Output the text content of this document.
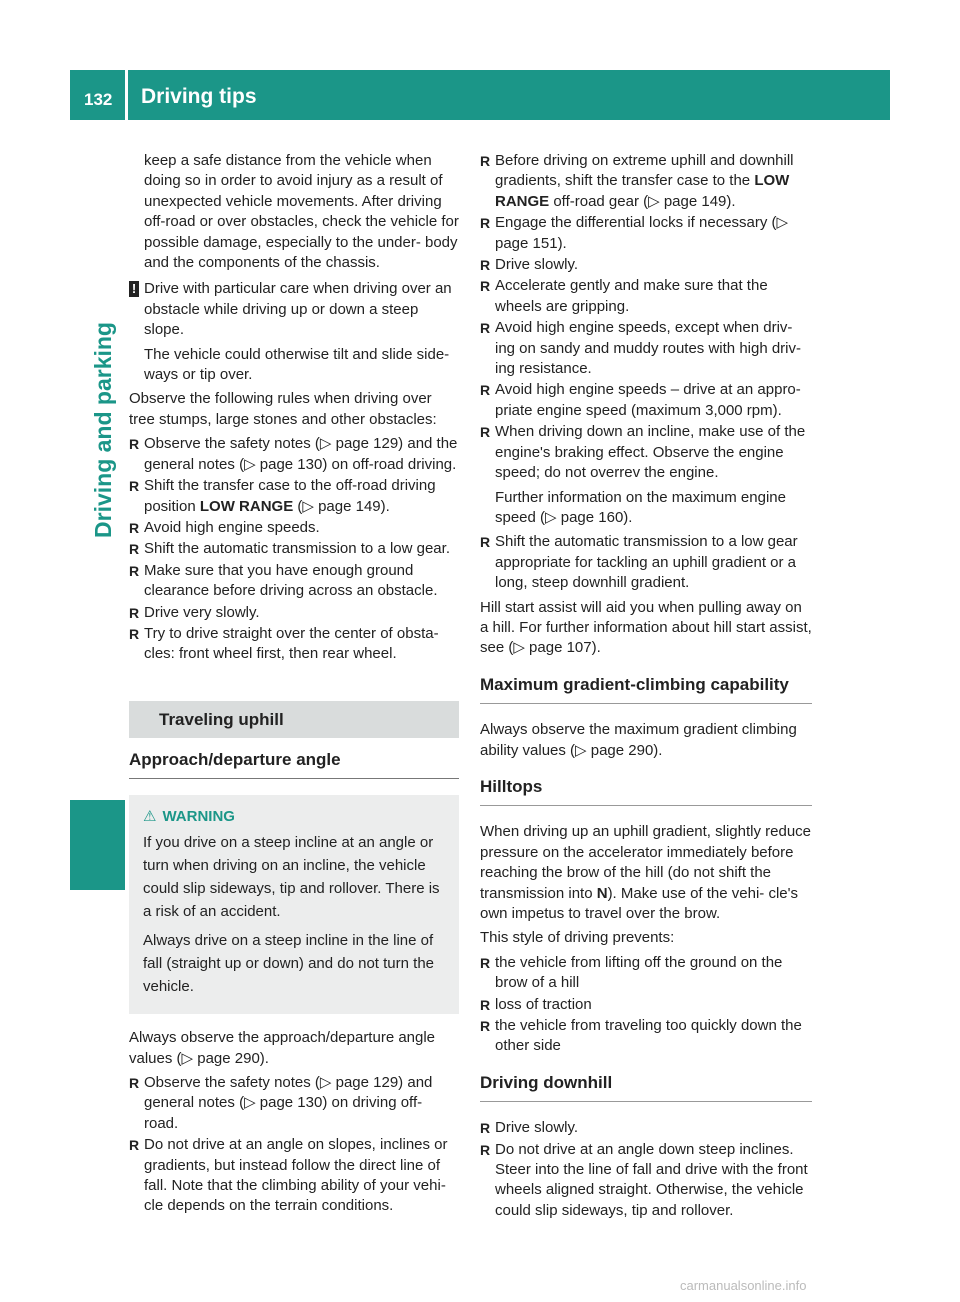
132 Driving tips
Driving and parking

keep a safe distance from the vehicle when doing so in order to avoid injury as a result of unexpected vehicle movements. After driving off-road or over obstacles, check the vehicle for possible damage, especially to the under- body and the components of the chassis.

! Drive with particular care when driving over an obstacle while driving up or down a steep slope.

The vehicle could otherwise tilt and slide side- ways or tip over.

Observe the following rules when driving over tree stumps, large stones and other obstacles:

R Observe the safety notes (▷ page 129) and the general notes (▷ page 130) on off-road driving.
R Shift the transfer case to the off-road driving position LOW RANGE (▷ page 149).
R Avoid high engine speeds.
R Shift the automatic transmission to a low gear.
R Make sure that you have enough ground clearance before driving across an obstacle.
R Drive very slowly.
R Try to drive straight over the center of obsta- cles: front wheel first, then rear wheel.
Traveling uphill
Approach/departure angle
⚠ WARNING

If you drive on a steep incline at an angle or turn when driving on an incline, the vehicle could slip sideways, tip and rollover. There is a risk of an accident.

Always drive on a steep incline in the line of fall (straight up or down) and do not turn the vehicle.

Always observe the approach/departure angle values (▷ page 290).

R Observe the safety notes (▷ page 129) and general notes (▷ page 130) on driving off- road.
R Do not drive at an angle on slopes, inclines or gradients, but instead follow the direct line of fall. Note that the climbing ability of your vehi- cle depends on the terrain conditions.
R Before driving on extreme uphill and downhill gradients, shift the transfer case to the LOW RANGE off-road gear (▷ page 149).
R Engage the differential locks if necessary (▷ page 151).
R Drive slowly.
R Accelerate gently and make sure that the wheels are gripping.
R Avoid high engine speeds, except when driv- ing on sandy and muddy routes with high driv- ing resistance.
R Avoid high engine speeds – drive at an appro- priate engine speed (maximum 3,000 rpm).
R When driving down an incline, make use of the engine's braking effect. Observe the engine speed; do not overrev the engine.

Further information on the maximum engine speed (▷ page 160).

R Shift the automatic transmission to a low gear appropriate for tackling an uphill gradient or a long, steep downhill gradient.

Hill start assist will aid you when pulling away on a hill. For further information about hill start assist, see (▷ page 107).

Maximum gradient-climbing capability

Always observe the maximum gradient climbing ability values (▷ page 290).

Hilltops

When driving up an uphill gradient, slightly reduce pressure on the accelerator immediately before reaching the brow of the hill (do not shift the transmission into N). Make use of the vehi- cle's own impetus to travel over the brow.

This style of driving prevents:

R the vehicle from lifting off the ground on the brow of a hill
R loss of traction
R the vehicle from traveling too quickly down the other side
Driving downhill
R Drive slowly.
R Do not drive at an angle down steep inclines. Steer into the line of fall and drive with the front wheels aligned straight. Otherwise, the vehicle could slip sideways, tip and rollover.
carmanualsonline.info
